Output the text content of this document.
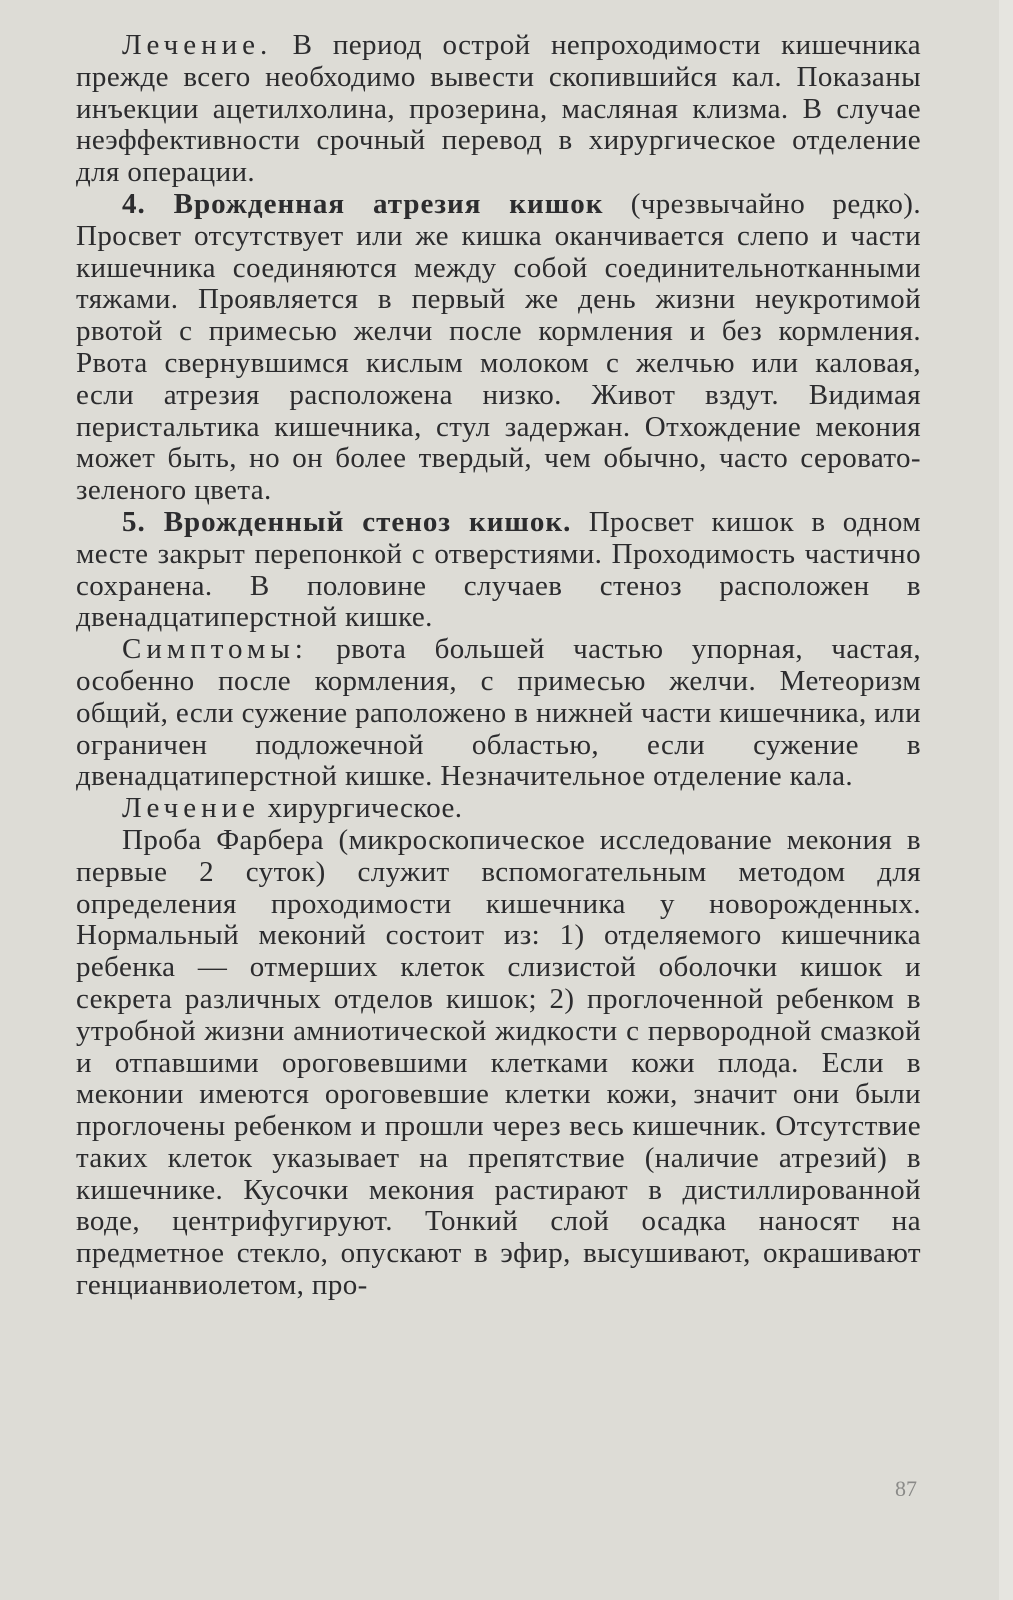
Лечение. В период острой непроходимости кишечника прежде всего необходимо вывести скопившийся кал. Показаны инъекции ацетилхолина, прозерина, масляная клизма. В случае неэффективности срочный перевод в хирургическое отделение для операции.

4. Врожденная атрезия кишок (чрезвычайно редко). Просвет отсутствует или же кишка оканчивается слепо и части кишечника соединяются между собой соединительнотканными тяжами. Проявляется в первый же день жизни неукротимой рвотой с примесью желчи после кормления и без кормления. Рвота свернувшимся кислым молоком с желчью или каловая, если атрезия расположена низко. Живот вздут. Видимая перистальтика кишечника, стул задержан. Отхождение мекония может быть, но он более твердый, чем обычно, часто серовато-зеленого цвета.

5. Врожденный стеноз кишок. Просвет кишок в одном месте закрыт перепонкой с отверстиями. Проходимость частично сохранена. В половине случаев стеноз расположен в двенадцатиперстной кишке.

Симптомы: рвота большей частью упорная, частая, особенно после кормления, с примесью желчи. Метеоризм общий, если сужение раположено в нижней части кишечника, или ограничен подложечной областью, если сужение в двенадцатиперстной кишке. Незначительное отделение кала.

Лечение хирургическое.

Проба Фарбера (микроскопическое исследование мекония в первые 2 суток) служит вспомогательным методом для определения проходимости кишечника у новорожденных. Нормальный меконий состоит из: 1) отделяемого кишечника ребенка — отмерших клеток слизистой оболочки кишок и секрета различных отделов кишок; 2) проглоченной ребенком в утробной жизни амниотической жидкости с первородной смазкой и отпавшими ороговевшими клетками кожи плода. Если в меконии имеются ороговевшие клетки кожи, значит они были проглочены ребенком и прошли через весь кишечник. Отсутствие таких клеток указывает на препятствие (наличие атрезий) в кишечнике. Кусочки мекония растирают в дистиллированной воде, центрифугируют. Тонкий слой осадка наносят на предметное стекло, опускают в эфир, высушивают, окрашивают генцианвиолетом, про-

87
